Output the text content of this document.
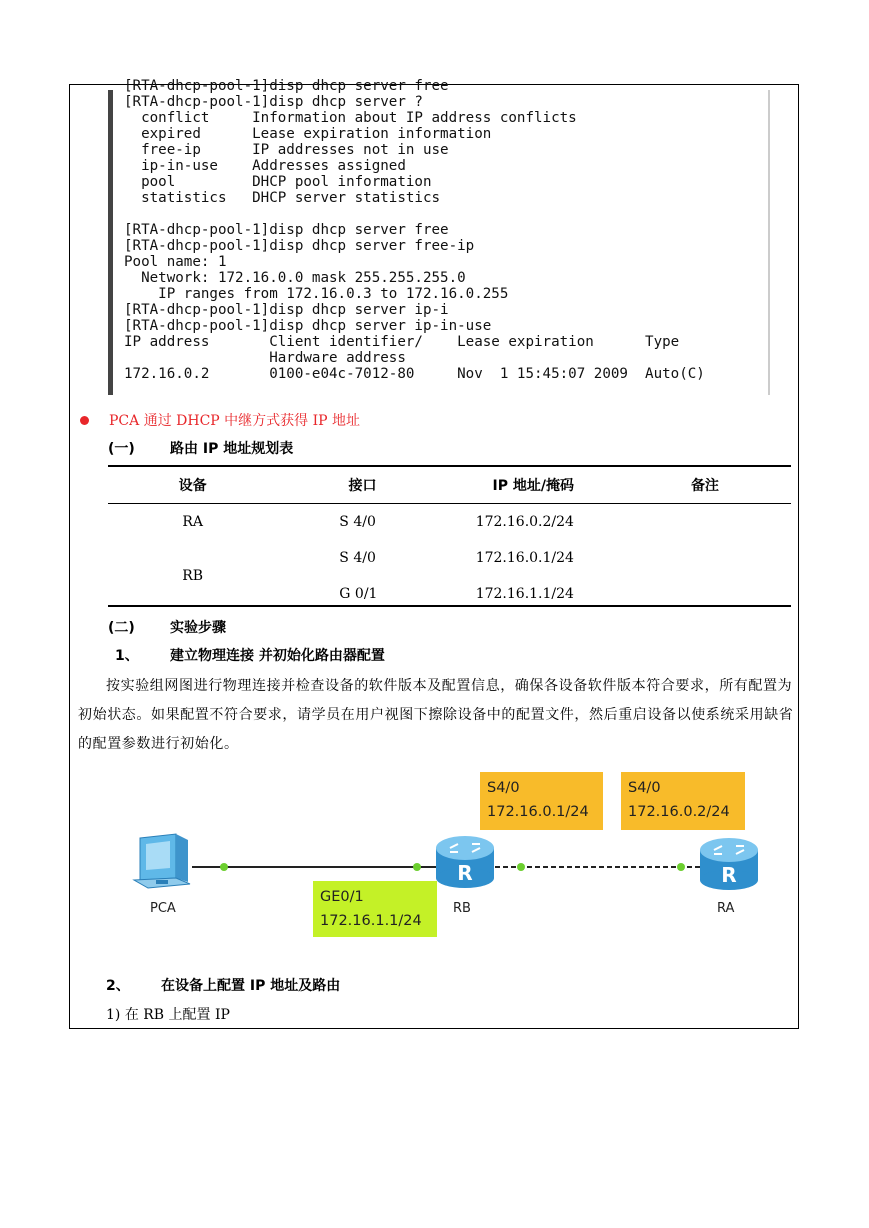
[RTA-dhcp-pool-1]disp dhcp server free
[RTA-dhcp-pool-1]disp dhcp server ?
conflict     Information about IP address conflicts
expired      Lease expiration information
free-ip      IP addresses not in use
ip-in-use    Addresses assigned
pool         DHCP pool information
statistics   DHCP server statistics

[RTA-dhcp-pool-1]disp dhcp server free
[RTA-dhcp-pool-1]disp dhcp server free-ip
Pool name: 1
Network: 172.16.0.0 mask 255.255.255.0
IP ranges from 172.16.0.3 to 172.16.0.255
[RTA-dhcp-pool-1]disp dhcp server ip-i
[RTA-dhcp-pool-1]disp dhcp server ip-in-use
IP address       Client identifier/    Lease expiration      Type
Hardware address
172.16.0.2       0100-e04c-7012-80     Nov  1 15:45:07 2009  Auto(C)
PCA 通过 DHCP 中继方式获得 IP 地址
(一)	路由 IP 地址规划表
设备	接口	IP 地址/掩码	备注
RA	S 4/0	172.16.0.2/24	
RB	S 4/0	172.16.0.1/24	
	G 0/1	172.16.1.1/24	
(二)	实验步骤
1、 建立物理连接 并初始化路由器配置
按实验组网图进行物理连接并检查设备的软件版本及配置信息，确保各设备软件版本符合要求，所有配置为初始状态。如果配置不符合要求，请学员在用户视图下擦除设备中的配置文件，然后重启设备以使系统采用缺省的配置参数进行初始化。
R	R
S4/0
172.16.0.1/24
S4/0
172.16.0.2/24
GE0/1
172.16.1.1/24
PCA	RB	RA
2、 在设备上配置 IP 地址及路由
1) 在 RB 上配置 IP
